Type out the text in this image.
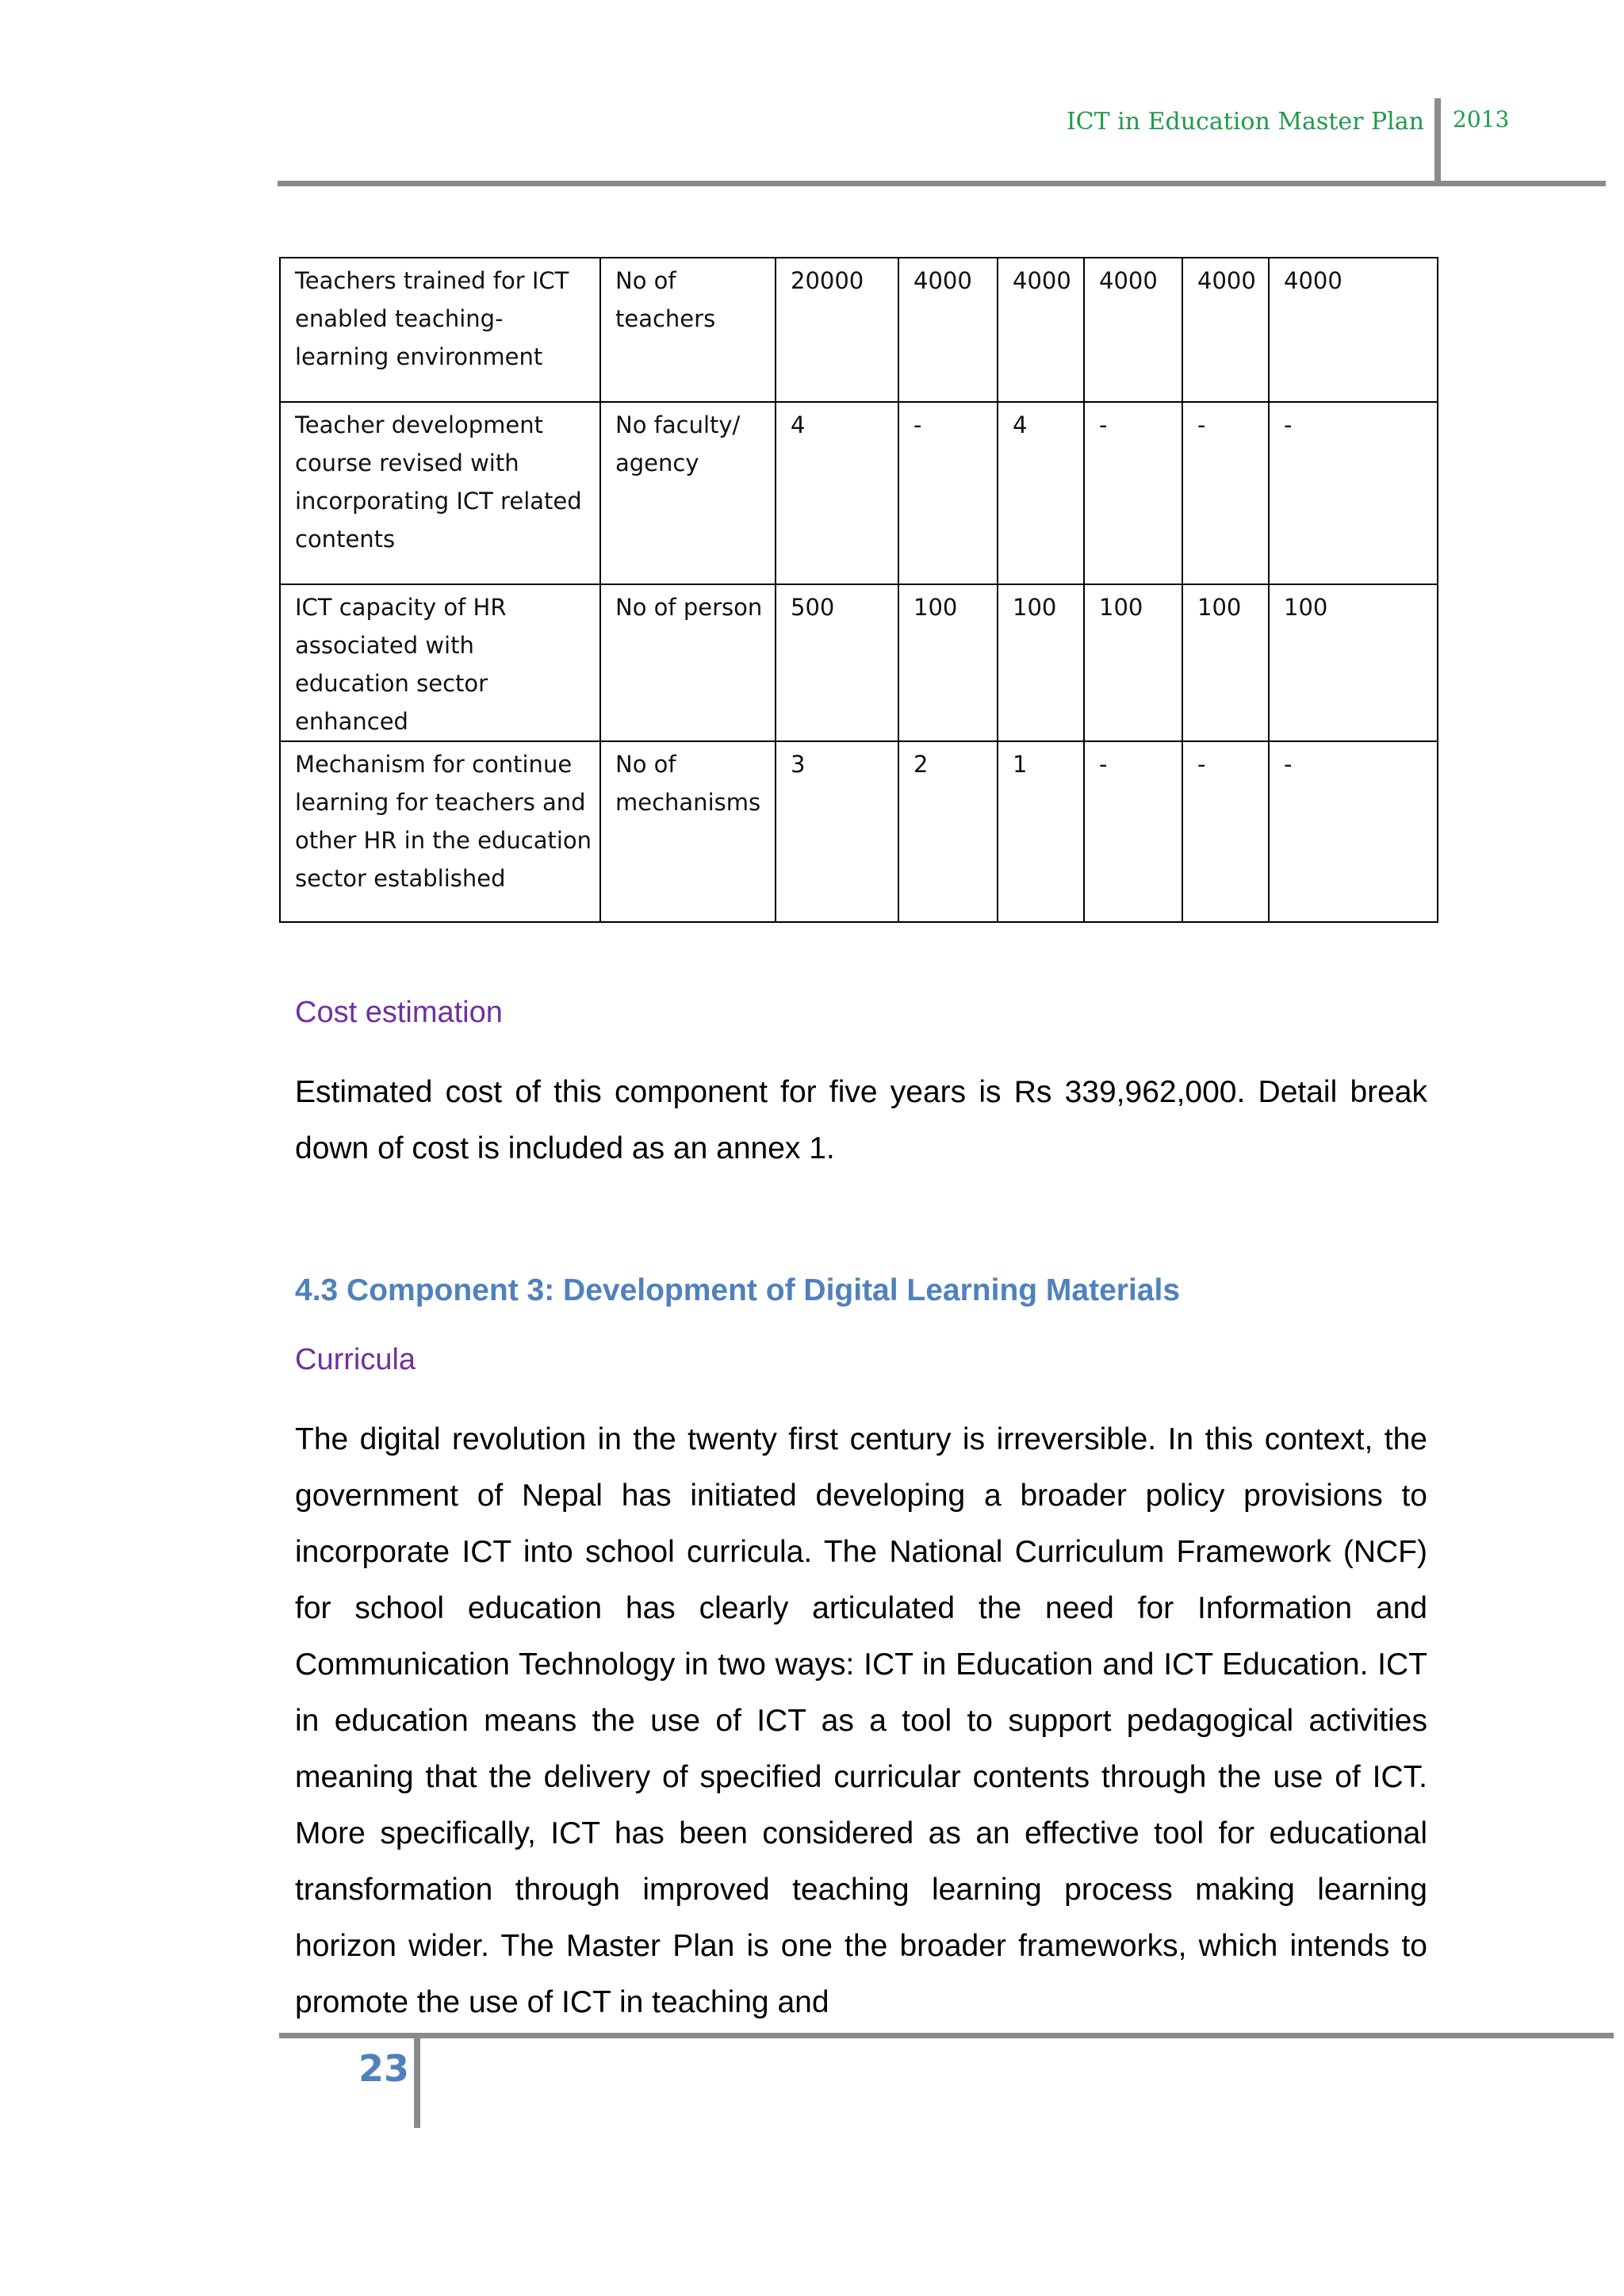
ICT in Education Master Plan 2013
Teachers trained for ICT enabled teaching-learning environment	No of teachers	20000	4000	4000	4000	4000	4000
Teacher development course revised with incorporating ICT related contents	No faculty/ agency	4	-	4	-	-	-
ICT capacity of HR associated with education sector enhanced	No of person	500	100	100	100	100	100
Mechanism for continue learning for teachers and other HR in the education sector established	No of mechanisms	3	2	1	-	-	-
Cost estimation

Estimated cost of this component for five years is Rs 339,962,000. Detail break down of cost is included as an annex 1.

4.3 Component 3: Development of Digital Learning Materials
Curricula

The digital revolution in the twenty first century is irreversible. In this context, the government of Nepal has initiated developing a broader policy provisions to incorporate ICT into school curricula. The National Curriculum Framework (NCF) for school education has clearly articulated the need for Information and Communication Technology in two ways: ICT in Education and ICT Education. ICT in education means the use of ICT as a tool to support pedagogical activities meaning that the delivery of specified curricular contents through the use of ICT. More specifically, ICT has been considered as an effective tool for educational transformation through improved teaching learning process making learning horizon wider. The Master Plan is one the broader frameworks, which intends to promote the use of ICT in teaching and

23
